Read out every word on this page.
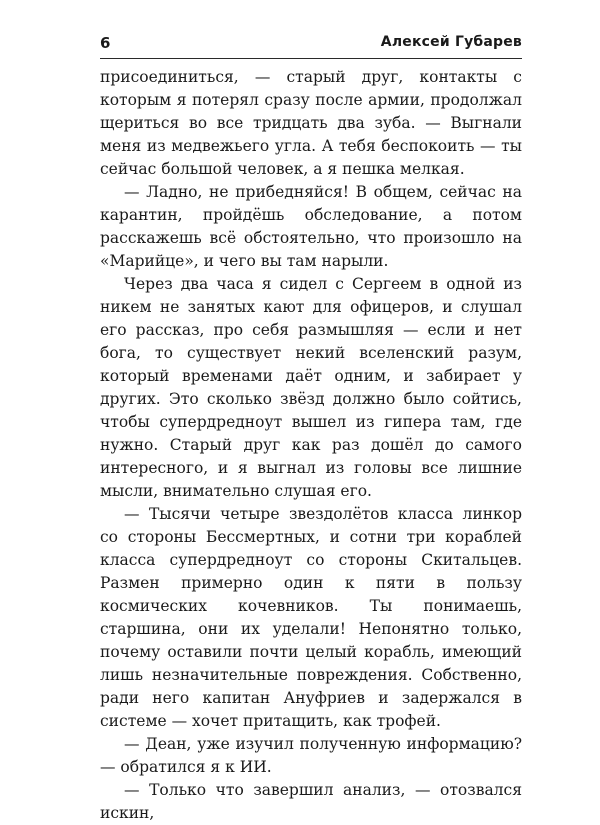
6	Алексей Губарев

присоединиться, — старый друг, контакты с которым я потерял сразу после армии, продолжал щериться во все тридцать два зуба. — Выгнали меня из медвежьего угла. А тебя беспокоить — ты сейчас большой человек, а я пешка мелкая.

— Ладно, не прибедняйся! В общем, сейчас на карантин, пройдёшь обследование, а потом расскажешь всё обстоятельно, что произошло на «Марийце», и чего вы там нарыли.

Через два часа я сидел с Сергеем в одной из никем не занятых кают для офицеров, и слушал его рассказ, про себя размышляя — если и нет бога, то существует некий вселенский разум, который временами даёт одним, и забирает у других. Это сколько звёзд должно было сойтись, чтобы супердредноут вышел из гипера там, где нужно. Старый друг как раз дошёл до самого интересного, и я выгнал из головы все лишние мысли, внимательно слушая его.

— Тысячи четыре звездолётов класса линкор со стороны Бессмертных, и сотни три кораблей класса супердредноут со стороны Скитальцев. Размен примерно один к пяти в пользу космических кочевников. Ты понимаешь, старшина, они их уделали! Непонятно только, почему оставили почти целый корабль, имеющий лишь незначительные повреждения. Собственно, ради него капитан Ануфриев и задержался в системе — хочет притащить, как трофей.

— Деан, уже изучил полученную информацию? — обратился я к ИИ.

— Только что завершил анализ, — отозвался искин,
